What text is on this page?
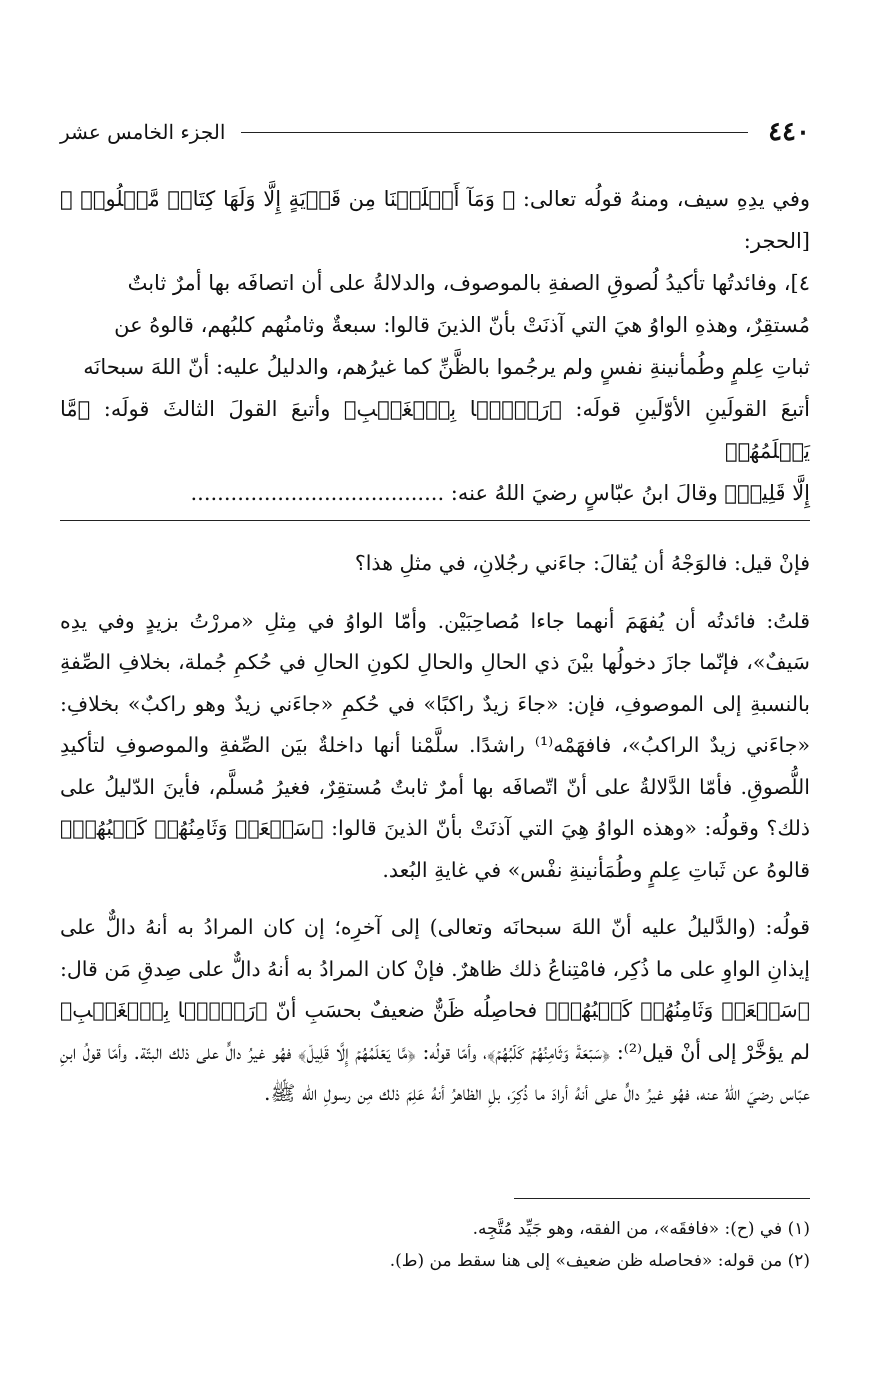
٤٤٠
الجزء الخامس عشر

وفي يدِهِ سيف، ومنهُ قولُه تعالى: ﴿ وَمَآ أَهۡلَكۡنَا مِن قَرۡيَةٍ إِلَّا وَلَهَا كِتَابٞ مَّعۡلُومٞ ﴾ [الحجر:

٤]، وفائدتُها تأكيدُ لُصوقِ الصفةِ بالموصوف، والدلالةُ على أن اتصافَه بها أمرٌ ثابتٌ

مُستقِرٌ، وهذهِ الواوُ هيَ التي آذنَتْ بأنّ الذينَ قالوا: سبعةٌ وثامنُهم كلبُهم، قالوهُ عن

ثباتِ عِلمٍ وطُمأنينةِ نفسٍ ولم يرجُموا بالظَّنِّ كما غيرُهم، والدليلُ عليه: أنّ اللهَ سبحانَه

أتبعَ القولَينِ الأوّلَينِ قولَه: ﴿رَجۡمَۢا بِٱلۡغَيۡبِ﴾ وأتبعَ القولَ الثالثَ قولَه: ﴿مَّا يَعۡلَمُهُمۡ

إِلَّا قَلِيلٞ﴾ وقالَ ابنُ عبّاسٍ رضيَ اللهُ عنه: ......................................

فإنْ قيل: فالوَجْهُ أن يُقالَ: جاءَني رجُلانِ، في مثلِ هذا؟

قلتُ: فائدتُه أن يُفهَمَ أنهما جاءا مُصاحِبَيْن. وأمّا الواوُ في مِثلِ «مررْتُ بزيدٍ وفي يدِه سَيفٌ»، فإنّما جازَ دخولُها بيْنَ ذي الحالِ والحالِ لكونِ الحالِ في حُكمِ جُملة، بخلافِ الصِّفةِ بالنسبةِ إلى الموصوفِ، فإن: «جاءَ زيدٌ راكبًا» في حُكمِ «جاءَني زيدٌ وهو راكبٌ» بخلافِ: «جاءَني زيدٌ الراكبُ»، فافهَمْه⁽¹⁾ راشدًا. سلَّمْنا أنها داخلةٌ بيَن الصِّفةِ والموصوفِ لتأكيدِ اللُّصوقِ. فأمّا الدَّلالةُ على أنّ اتّصافَه بها أمرٌ ثابتٌ مُستقِرٌ، فغيرُ مُسلَّم، فأينَ الدّليلُ على ذلك؟ وقولُه: «وهذه الواوُ هِيَ التي آذنَتْ بأنّ الذينَ قالوا: ﴿سَبۡعَةٞ وَثَامِنُهُمۡ كَلۡبُهُمۡ﴾ قالوهُ عن ثَباتِ عِلمٍ وطُمَأنينةِ نفْس» في غايةِ البُعد.

قولُه: (والدَّليلُ عليه أنّ اللهَ سبحانَه وتعالى) إلى آخرِه؛ إن كان المرادُ به أنهُ دالٌّ على إيذانِ الواوِ على ما ذُكِر، فامْتِناعُ ذلك ظاهرٌ. فإنْ كان المرادُ به أنهُ دالٌّ على صِدقِ مَن قال: ﴿سَبۡعَةٞ وَثَامِنُهُمۡ كَلۡبُهُمۡ﴾ فحاصِلُه ظَنٌّ ضعيفٌ بحسَبِ أنّ ﴿رَجۡمَۢا بِٱلۡغَيۡبِ﴾ لم يؤخَّرْ إلى أنْ قيل⁽²⁾: ﴿سَبۡعَةٞ وَثَامِنُهُمۡ كَلۡبُهُمۡ﴾، وأمّا قولُه: ﴿مَّا يَعۡلَمُهُمۡ إِلَّا قَلِيلٞ﴾ فهُو غيرُ دالٍّ على ذلك البتّة. وأمّا قولُ ابنِ عبّاس رضيَ اللهُ عنه، فهُو غيرُ دالٍّ على أنهُ أرادَ ما ذُكِرَ، بلِ الظاهرُ أنهُ عَلِمَ ذلك مِن رسولِ الله ﷺ.

(١) في (ح): «فافقَه»، من الفقه، وهو جَيِّد مُتَّجِه.

(٢) من قوله: «فحاصله ظن ضعيف» إلى هنا سقط من (ط).
